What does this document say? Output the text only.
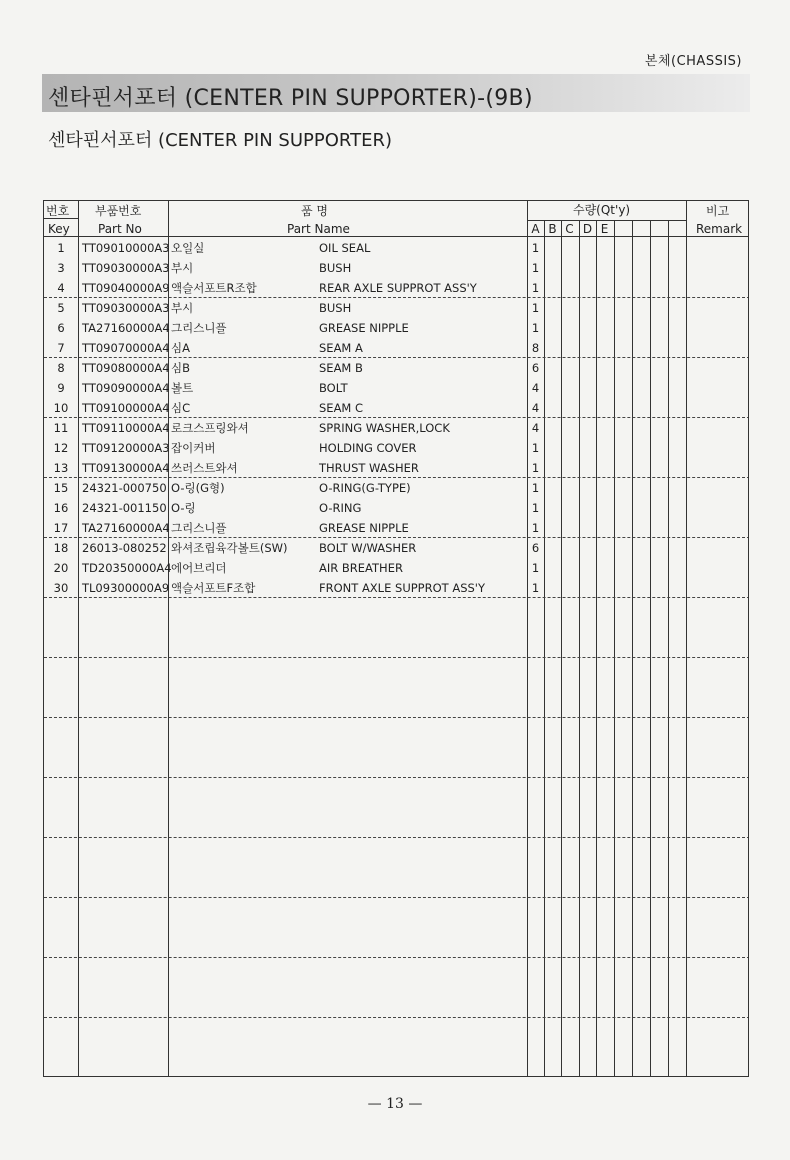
본체(CHASSIS)
센타핀서포터 (CENTER PIN SUPPORTER)-(9B)
센타핀서포터 (CENTER PIN SUPPORTER)
번호
Key
부품번호
Part No
품 명
Part Name
수량(Qt'y)
A B C D E
비고
Remark
1	TT09010000A3 오일실	OIL SEAL	1
3	TT09030000A3 부시	BUSH	1
4	TT09040000A9 액슬서포트R조합	REAR AXLE SUPPROT ASS'Y	1
5	TT09030000A3 부시	BUSH	1
6	TA27160000A4 그리스니플	GREASE NIPPLE	1
7	TT09070000A4 심A	SEAM A	8
8	TT09080000A4 심B	SEAM B	6
9	TT09090000A4 볼트	BOLT	4
10	TT09100000A4 심C	SEAM C	4
11	TT09110000A4 로크스프링와셔	SPRING WASHER,LOCK	4
12	TT09120000A3 잡이커버	HOLDING COVER	1
13	TT09130000A4 쓰러스트와셔	THRUST WASHER	1
15	24321-000750 O-링(G형)	O-RING(G-TYPE)	1
16	24321-001150 O-링	O-RING	1
17	TA27160000A4 그리스니플	GREASE NIPPLE	1
18	26013-080252 와셔조립육각볼트(SW)	BOLT W/WASHER	6
20	TD20350000A4 에어브리더	AIR BREATHER	1
30	TL09300000A9 액슬서포트F조합	FRONT AXLE SUPPROT ASS'Y	1
— 13 —
